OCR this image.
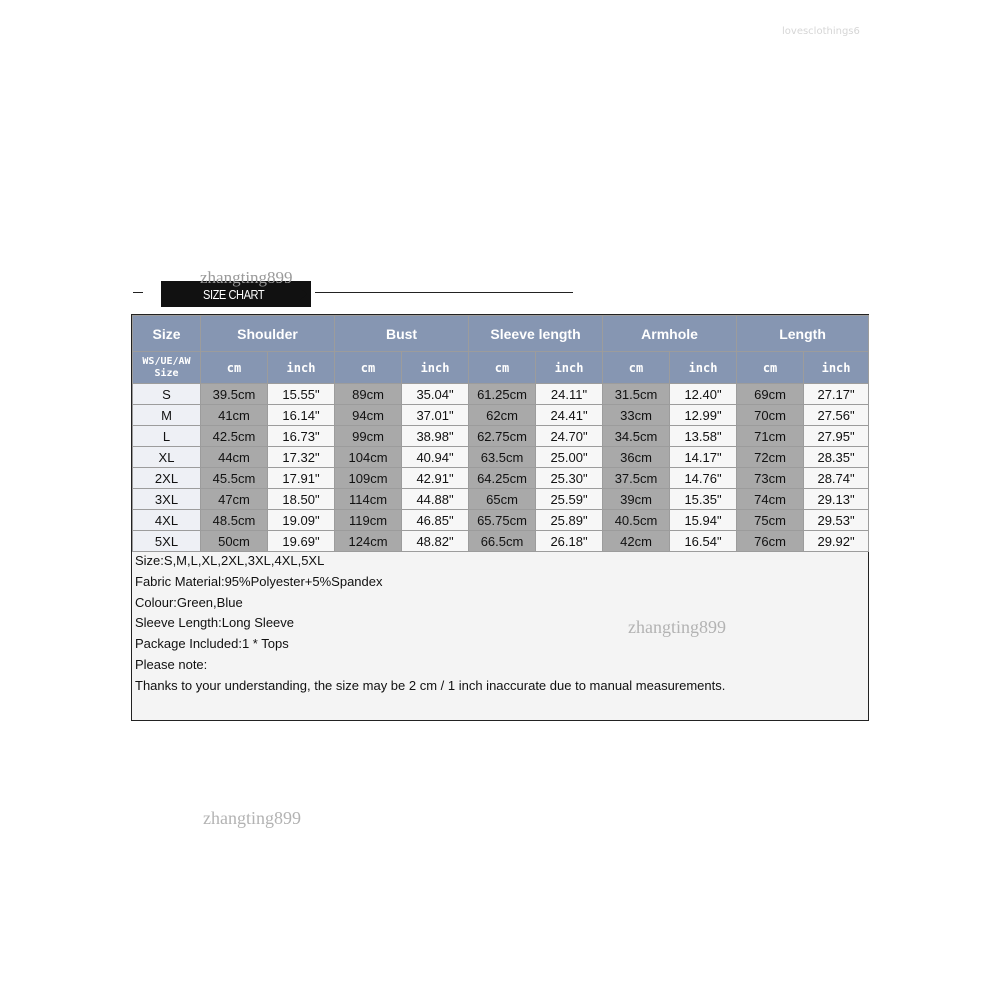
lovesclothings6
SIZE CHART
zhangting899
Size	Shoulder		Bust		Sleeve length		Armhole		Length	

WS/UE/AW
Size	cm	inch	cm	inch	cm	inch	cm	inch	cm	inch
S	39.5cm	15.55"	89cm	35.04"	61.25cm	24.11"	31.5cm	12.40"	69cm	27.17"
M	41cm	16.14"	94cm	37.01"	62cm	24.41"	33cm	12.99"	70cm	27.56"
L	42.5cm	16.73"	99cm	38.98"	62.75cm	24.70"	34.5cm	13.58"	71cm	27.95"
XL	44cm	17.32"	104cm	40.94"	63.5cm	25.00"	36cm	14.17"	72cm	28.35"
2XL	45.5cm	17.91"	109cm	42.91"	64.25cm	25.30"	37.5cm	14.76"	73cm	28.74"
3XL	47cm	18.50"	114cm	44.88"	65cm	25.59"	39cm	15.35"	74cm	29.13"
4XL	48.5cm	19.09"	119cm	46.85"	65.75cm	25.89"	40.5cm	15.94"	75cm	29.53"
5XL	50cm	19.69"	124cm	48.82"	66.5cm	26.18"	42cm	16.54"	76cm	29.92"
Size:S,M,L,XL,2XL,3XL,4XL,5XL
Fabric Material:95%Polyester+5%Spandex
Colour:Green,Blue
Sleeve Length:Long Sleeve
Package Included:1 * Tops
Please note:
Thanks to your understanding, the size may be 2 cm / 1 inch inaccurate due to manual measurements.
zhangting899
zhangting899
